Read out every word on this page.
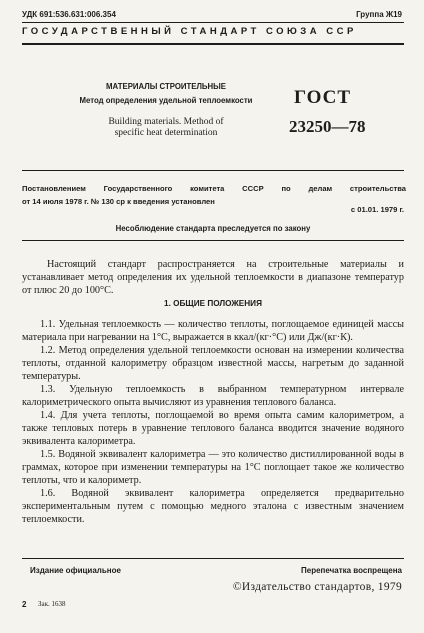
УДК 691:536.631:006.354	Группа Ж19
ГОСУДАРСТВЕННЫЙ СТАНДАРТ СОЮЗА ССР
МАТЕРИАЛЫ СТРОИТЕЛЬНЫЕ
Метод определения удельной теплоемкости
Building materials. Method of
specific heat determination
ГОСТ
23250—78
Постановлением Государственного комитета СССР по делам строительства
от 14 июля 1978 г. № 130 ср к введения установлен
с 01.01. 1979 г.
Несоблюдение стандарта преследуется по закону

Настоящий стандарт распространяется на строительные материалы и устанавливает метод определения их удельной теплоемкости в диапазоне температур от плюс 20 до 100°С.

1. ОБЩИЕ ПОЛОЖЕНИЯ

1.1. Удельная теплоемкость — количество теплоты, поглощаемое единицей массы материала при нагревании на 1°С, выражается в ккал/(кг·°С) или Дж/(кг·К).

1.2. Метод определения удельной теплоемкости основан на измерении количества теплоты, отданной калориметру образцом известной массы, нагретым до заданной температуры.

1.3. Удельную теплоемкость в выбранном температурном интервале калориметрического опыта вычисляют из уравнения теплового баланса.

1.4. Для учета теплоты, поглощаемой во время опыта самим калориметром, а также тепловых потерь в уравнение теплового баланса вводится значение водяного эквивалента калориметра.

1.5. Водяной эквивалент калориметра — это количество дистиллированной воды в граммах, которое при изменении температуры на 1°С поглощает такое же количество теплоты, что и калориметр.

1.6. Водяной эквивалент калориметра определяется предварительно экспериментальным путем с помощью медного эталона с известным значением теплоемкости.

Издание официальное	Перепечатка воспрещена
©Издательство стандартов, 1979
2 Зак. 1638
